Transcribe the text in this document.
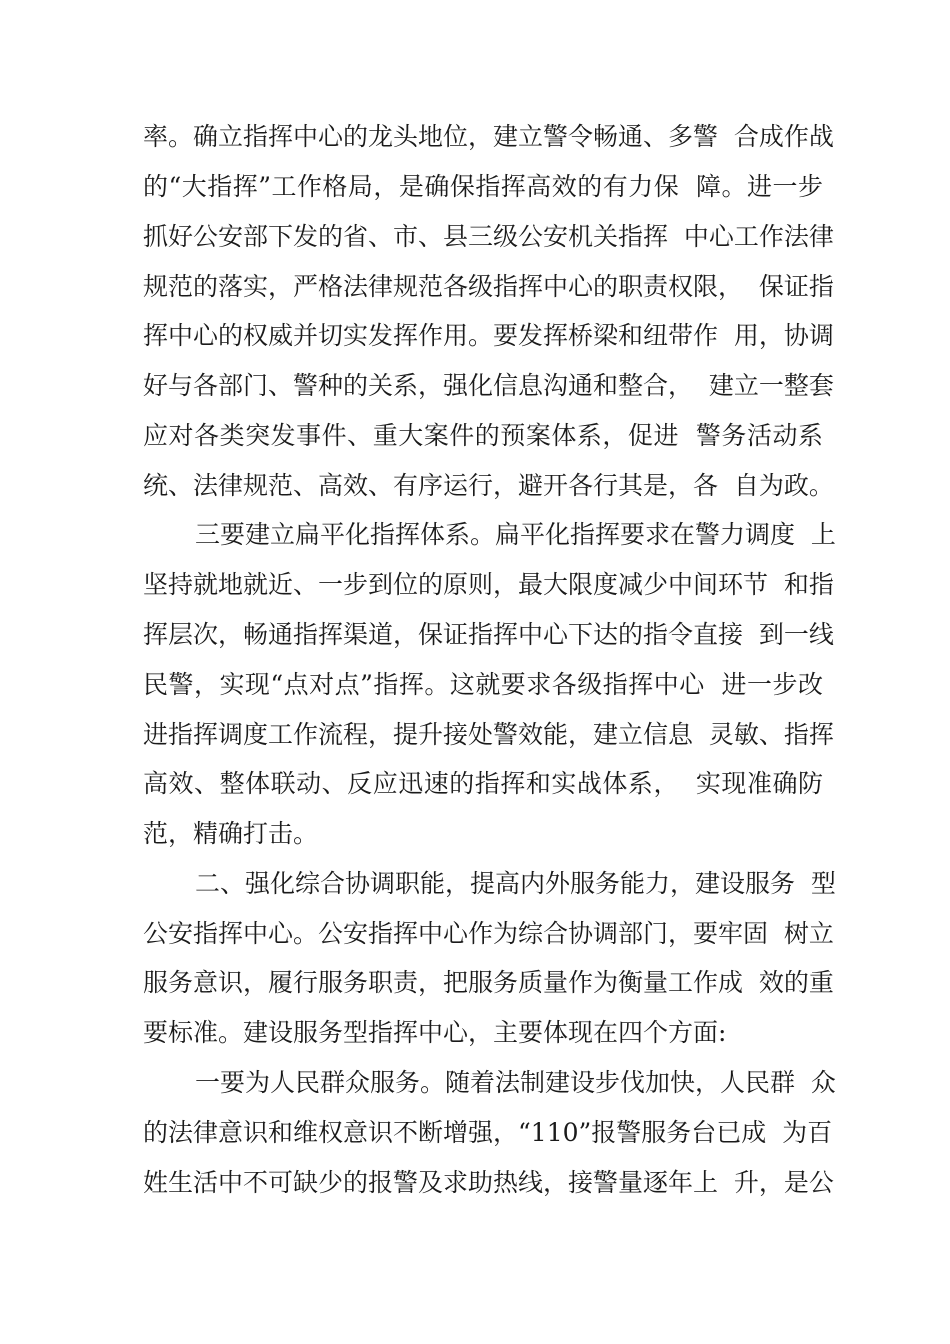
率。确立指挥中心的龙头地位，建立警令畅通、多警  合成作战
的“大指挥”工作格局，是确保指挥高效的有力保  障。进一步
抓好公安部下发的省、市、县三级公安机关指挥  中心工作法律
规范的落实，严格法律规范各级指挥中心的职责权限，  保证指
挥中心的权威并切实发挥作用。要发挥桥梁和纽带作  用，协调
好与各部门、警种的关系，强化信息沟通和整合，  建立一整套
应对各类突发事件、重大案件的预案体系，促进  警务活动系
统、法律规范、高效、有序运行，避开各行其是，各  自为政。
三要建立扁平化指挥体系。扁平化指挥要求在警力调度  上
坚持就地就近、一步到位的原则，最大限度减少中间环节  和指
挥层次，畅通指挥渠道，保证指挥中心下达的指令直接  到一线
民警，实现“点对点”指挥。这就要求各级指挥中心  进一步改
进指挥调度工作流程，提升接处警效能，建立信息  灵敏、指挥
高效、整体联动、反应迅速的指挥和实战体系，  实现准确防
范，精确打击。
二、强化综合协调职能，提高内外服务能力，建设服务  型
公安指挥中心。公安指挥中心作为综合协调部门，要牢固  树立
服务意识，履行服务职责，把服务质量作为衡量工作成  效的重
要标准。建设服务型指挥中心，主要体现在四个方面:
一要为人民群众服务。随着法制建设步伐加快，人民群  众
的法律意识和维权意识不断增强，“110”报警服务台已成  为百
姓生活中不可缺少的报警及求助热线，接警量逐年上  升，是公
